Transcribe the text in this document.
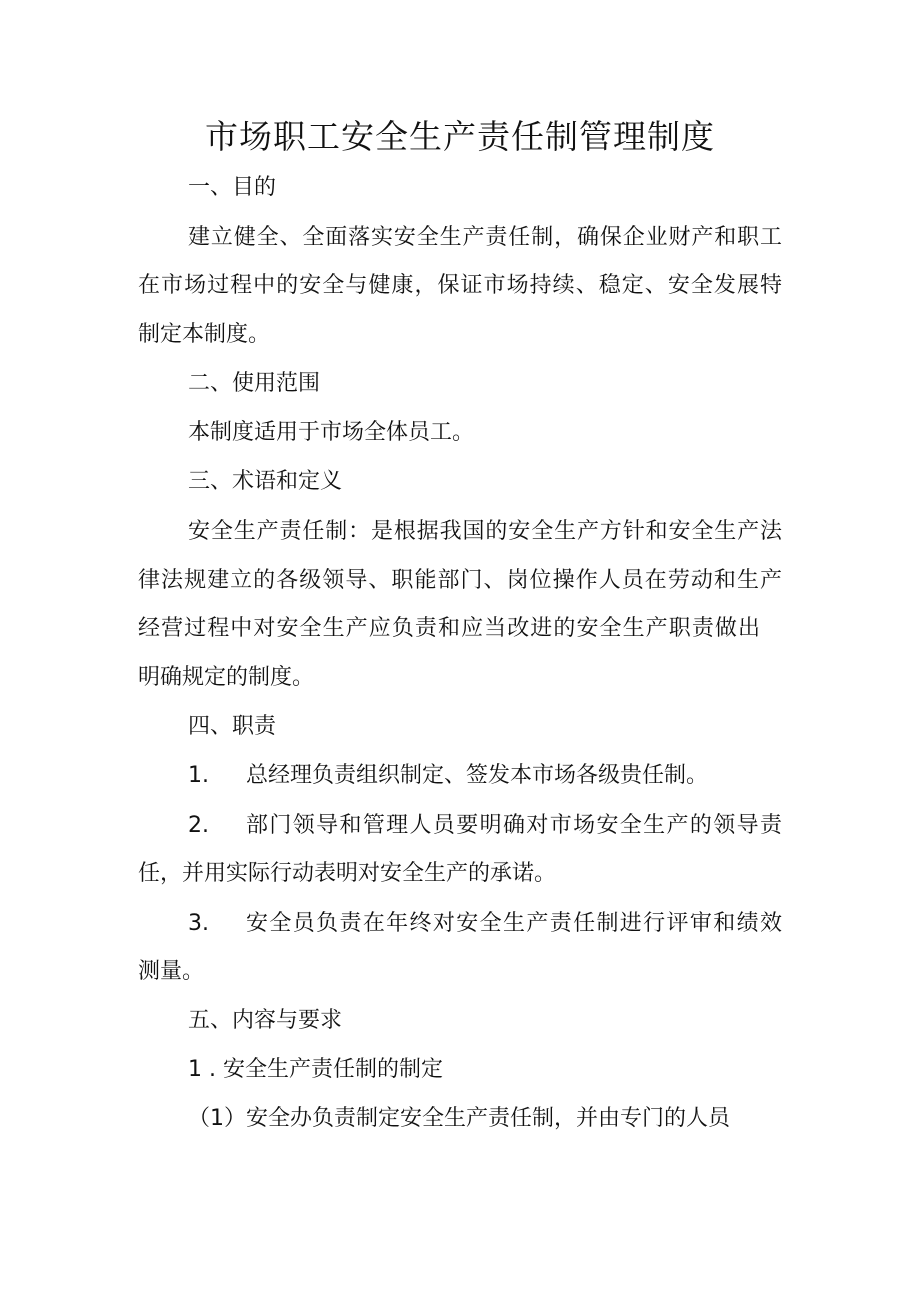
市场职工安全生产责任制管理制度
一、目的
建立健全、全面落实安全生产责任制，确保企业财产和职工
在市场过程中的安全与健康，保证市场持续、稳定、安全发展特
制定本制度。
二、使用范围
本制度适用于市场全体员工。
三、术语和定义
安全生产责任制：是根据我国的安全生产方针和安全生产法
律法规建立的各级领导、职能部门、岗位操作人员在劳动和生产
经营过程中对安全生产应负责和应当改进的安全生产职责做出
明确规定的制度。
四、职责
1. 总经理负责组织制定、签发本市场各级贵任制。
2.	部门领导和管理人员要明确对市场安全生产的领导责
任，并用实际行动表明对安全生产的承诺。
3.	安全员负责在年终对安全生产责任制进行评审和绩效
测量。
五、内容与要求
1 . 安全生产责任制的制定
（1）安全办负责制定安全生产责任制，并由专门的人员
